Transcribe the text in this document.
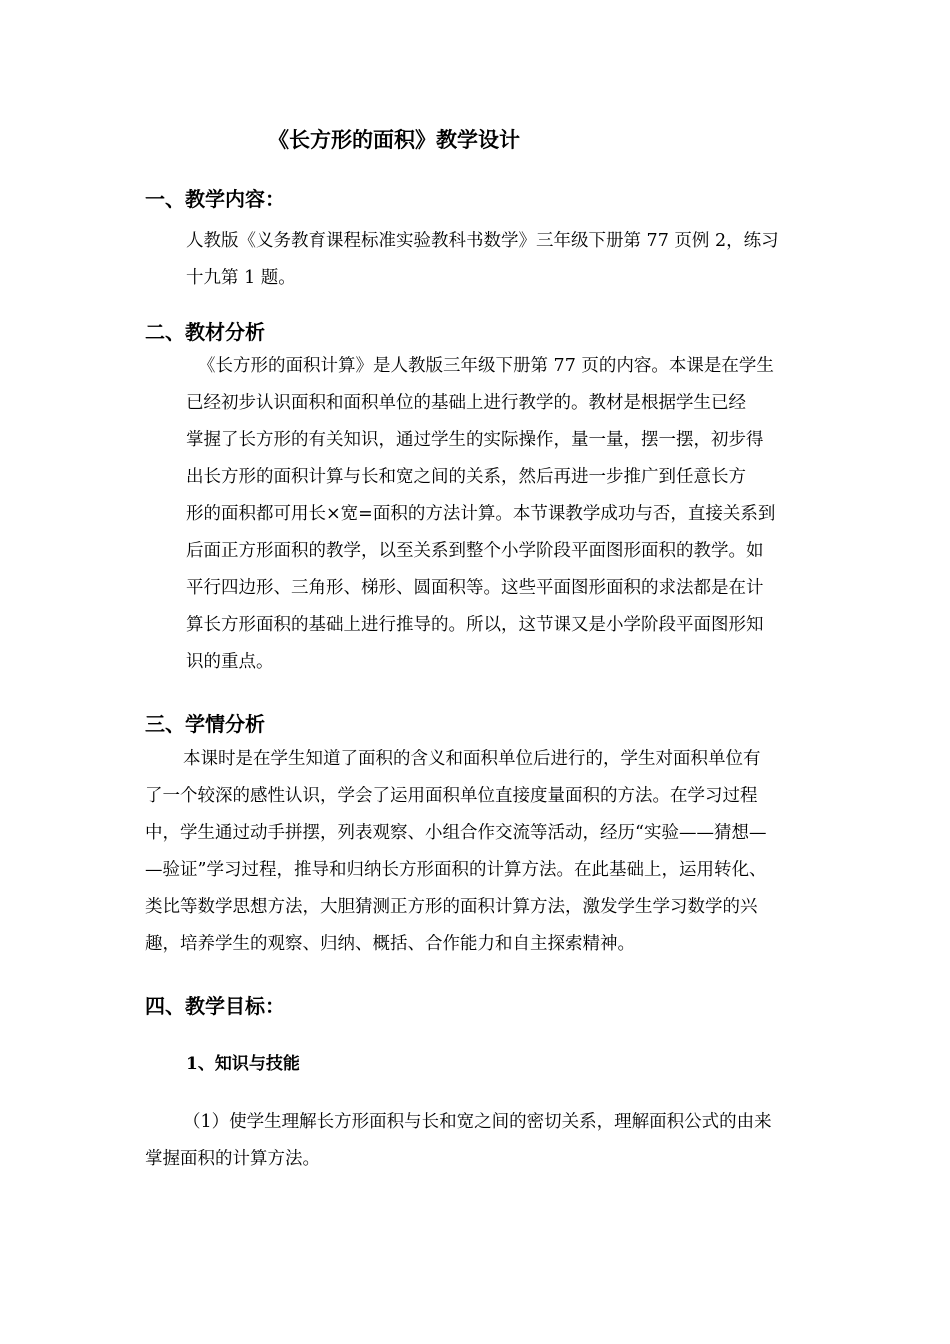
《长方形的面积》教学设计
一、教学内容：
人教版《义务教育课程标准实验教科书数学》三年级下册第 77 页例 2，练习
十九第 1 题。
二、教材分析
《长方形的面积计算》是人教版三年级下册第 77 页的内容。本课是在学生
已经初步认识面积和面积单位的基础上进行教学的。教材是根据学生已经
掌握了长方形的有关知识，通过学生的实际操作，量一量，摆一摆，初步得
出长方形的面积计算与长和宽之间的关系，然后再进一步推广到任意长方
形的面积都可用长×宽=面积的方法计算。本节课教学成功与否，直接关系到
后面正方形面积的教学，以至关系到整个小学阶段平面图形面积的教学。如
平行四边形、三角形、梯形、圆面积等。这些平面图形面积的求法都是在计
算长方形面积的基础上进行推导的。所以，这节课又是小学阶段平面图形知
识的重点。
三、学情分析
本课时是在学生知道了面积的含义和面积单位后进行的，学生对面积单位有
了一个较深的感性认识，学会了运用面积单位直接度量面积的方法。在学习过程
中，学生通过动手拼摆，列表观察、小组合作交流等活动，经历“实验——猜想—
—验证”学习过程，推导和归纳长方形面积的计算方法。在此基础上，运用转化、
类比等数学思想方法，大胆猜测正方形的面积计算方法，激发学生学习数学的兴
趣，培养学生的观察、归纳、概括、合作能力和自主探索精神。
四、教学目标：
1、知识与技能
（1）使学生理解长方形面积与长和宽之间的密切关系，理解面积公式的由来
掌握面积的计算方法。
